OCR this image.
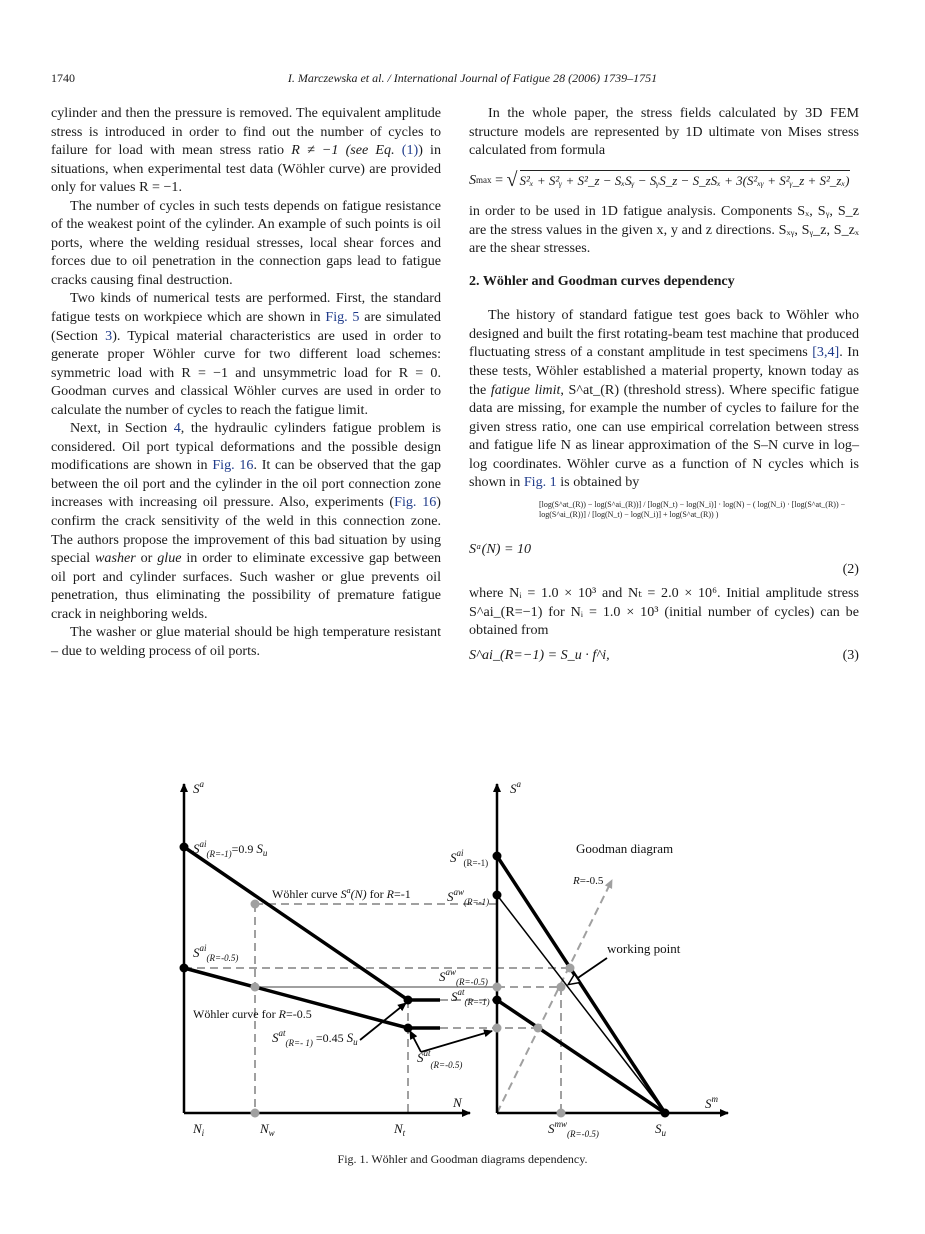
1740	I. Marczewska et al. / International Journal of Fatigue 28 (2006) 1739–1751

cylinder and then the pressure is removed. The equivalent amplitude stress is introduced in order to find out the number of cycles to failure for load with mean stress ratio R ≠ −1 (see Eq. (1)) in situations, when experimental test data (Wöhler curve) are provided only for values R = −1.

The number of cycles in such tests depends on fatigue resistance of the weakest point of the cylinder. An example of such points is oil ports, where the welding residual stresses, local shear forces and forces due to oil penetration in the connection gaps lead to fatigue cracks causing final destruction.

Two kinds of numerical tests are performed. First, the standard fatigue tests on workpiece which are shown in Fig. 5 are simulated (Section 3). Typical material characteristics are used in order to generate proper Wöhler curve for two different load schemes: symmetric load with R = −1 and unsymmetric load for R = 0. Goodman curves and classical Wöhler curves are used in order to calculate the number of cycles to reach the fatigue limit.

Next, in Section 4, the hydraulic cylinders fatigue problem is considered. Oil port typical deformations and the possible design modifications are shown in Fig. 16. It can be observed that the gap between the oil port and the cylinder in the oil port connection zone increases with increasing oil pressure. Also, experiments (Fig. 16) confirm the crack sensitivity of the weld in this connection zone. The authors propose the improvement of this bad situation by using special washer or glue in order to eliminate excessive gap between oil port and cylinder surfaces. Such washer or glue prevents oil penetration, thus eliminating the possibility of premature fatigue crack in neighboring welds.

The washer or glue material should be high temperature resistant – due to welding process of oil ports.

In the whole paper, the stress fields calculated by 3D FEM structure models are represented by 1D ultimate von Mises stress calculated from formula

S max = √ S²ₓ + S²ᵧ + S²_z − SₓSᵧ − SᵧS_z − S_zSₓ + 3(S²ₓᵧ + S²ᵧ_z + S²_zₓ)

in order to be used in 1D fatigue analysis. Components Sₓ, Sᵧ, S_z are the stress values in the given x, y and z directions. Sₓᵧ, Sᵧ_z, S_zₓ are the shear stresses.

2. Wöhler and Goodman curves dependency

The history of standard fatigue test goes back to Wöhler who designed and built the first rotating-beam test machine that produced fluctuating stress of a constant amplitude in test specimens [3,4]. In these tests, Wöhler established a material property, known today as the fatigue limit, S^at_(R) (threshold stress). Where specific fatigue data are missing, for example the number of cycles to failure for the given stress ratio, one can use empirical correlation between stress and fatigue life N as linear approximation of the S–N curve in log–log coordinates. Wöhler curve as a function of N cycles which is shown in Fig. 1 is obtained by

[log(S^at_(R)) − log(S^ai_(R))] / [log(N_t) − log(N_i)] · log(N) − ( log(N_i) · [log(S^at_(R)) − log(S^ai_(R))] / [log(N_t) − log(N_i)] + log(S^at_(R)) )
Sᵃ(N) = 10
(2)

where Nᵢ = 1.0 × 10³ and Nₜ = 2.0 × 10⁶. Initial amplitude stress S^ai_(R=−1) for Nᵢ = 1.0 × 10³ (initial number of cycles) can be obtained from

S^ai_(R=−1) = S_u · f^i,	(3)
$S^a$
$S^{ai}_{(R=-1)}=0.9$ $S_u$
Wöhler curve $S^a(N)$ for R=-1
$S^{ai}_{(R=-0.5)}$
Wöhler curve for R=-0.5
$S^{at}_{(R=- 1)} =0.45$ $S_u$
$S^{at}_{(R=-0.5)}$
N
$N_i$	$N_w$	$N_t$
$S^a$
Goodman diagram
$S^{ai}_{(R=-1)}$
R=-0.5
$S^{aw}_{(R=-1)}$
working point
$S^{aw}_{(R=-0.5)}$
$S^{at}_{(R=-1)}$
$S^m$
$S^{mw}_{(R=-0.5)}$	$S_u$
Fig. 1. Wöhler and Goodman diagrams dependency.
